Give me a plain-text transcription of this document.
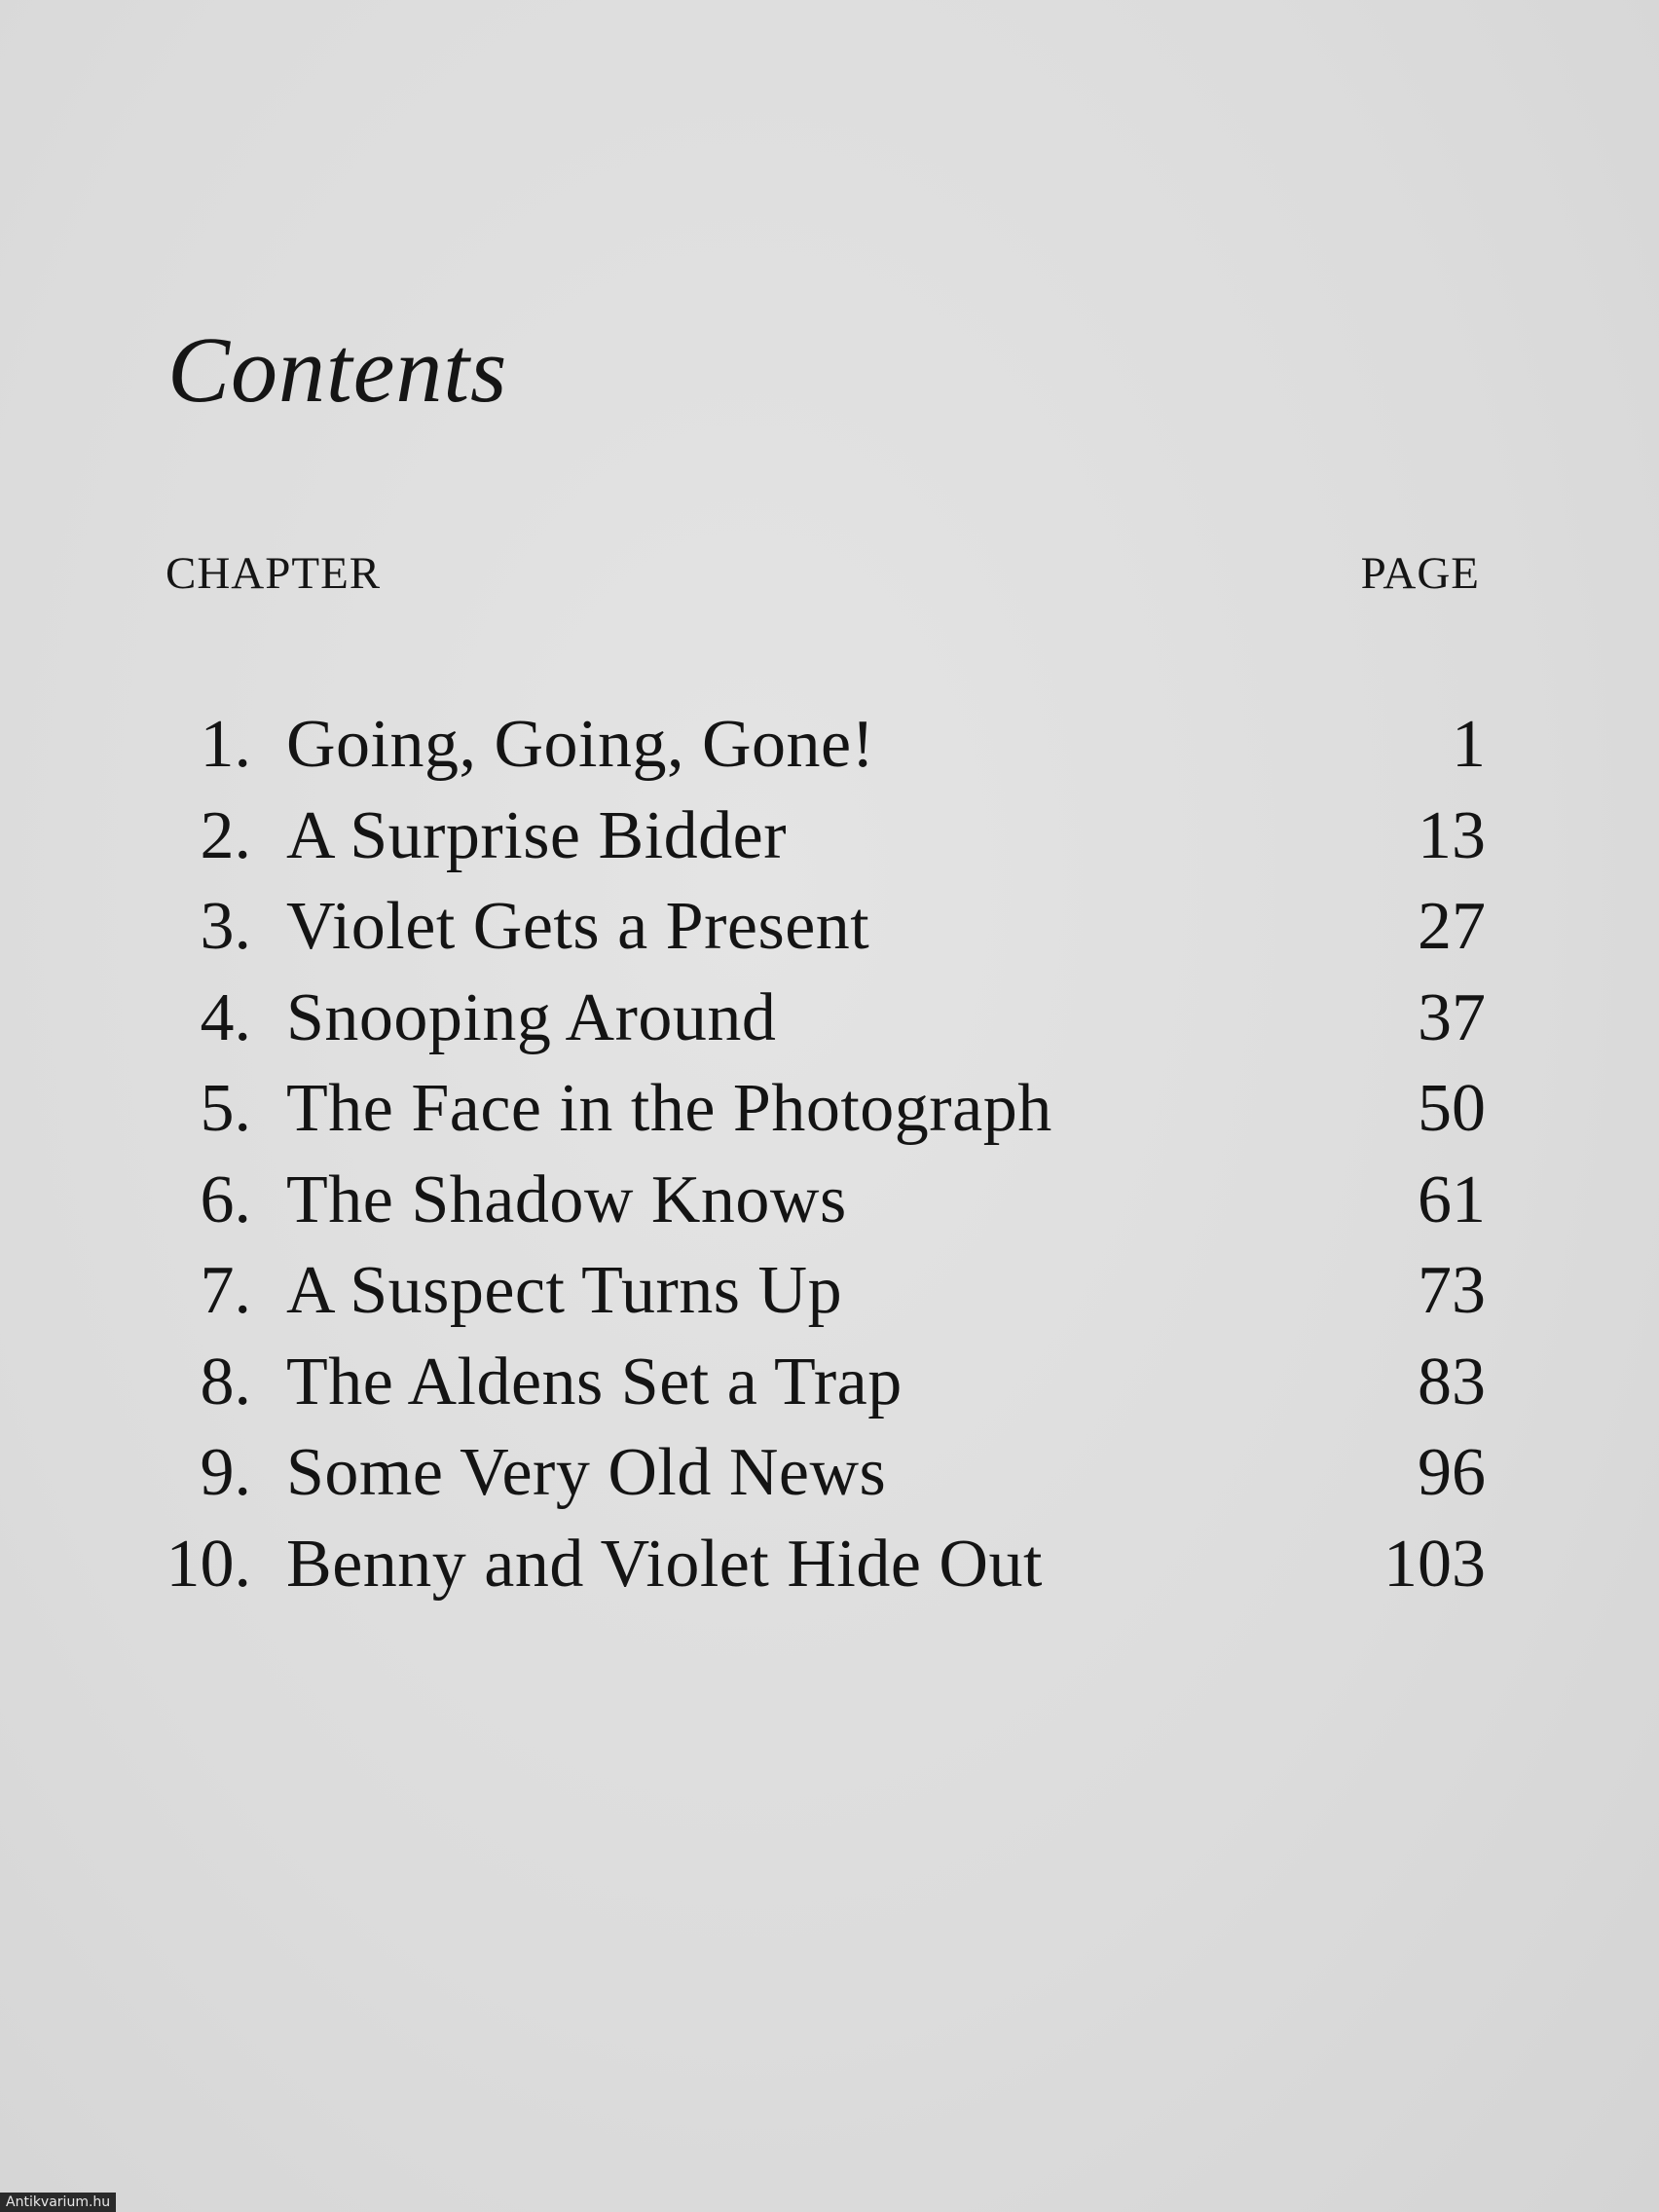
Contents
CHAPTER	PAGE
1. Going, Going, Gone!	1
2. A Surprise Bidder	13
3. Violet Gets a Present	27
4. Snooping Around	37
5. The Face in the Photograph	50
6. The Shadow Knows	61
7. A Suspect Turns Up	73
8. The Aldens Set a Trap	83
9. Some Very Old News	96
10. Benny and Violet Hide Out	103
Antikvarium.hu
